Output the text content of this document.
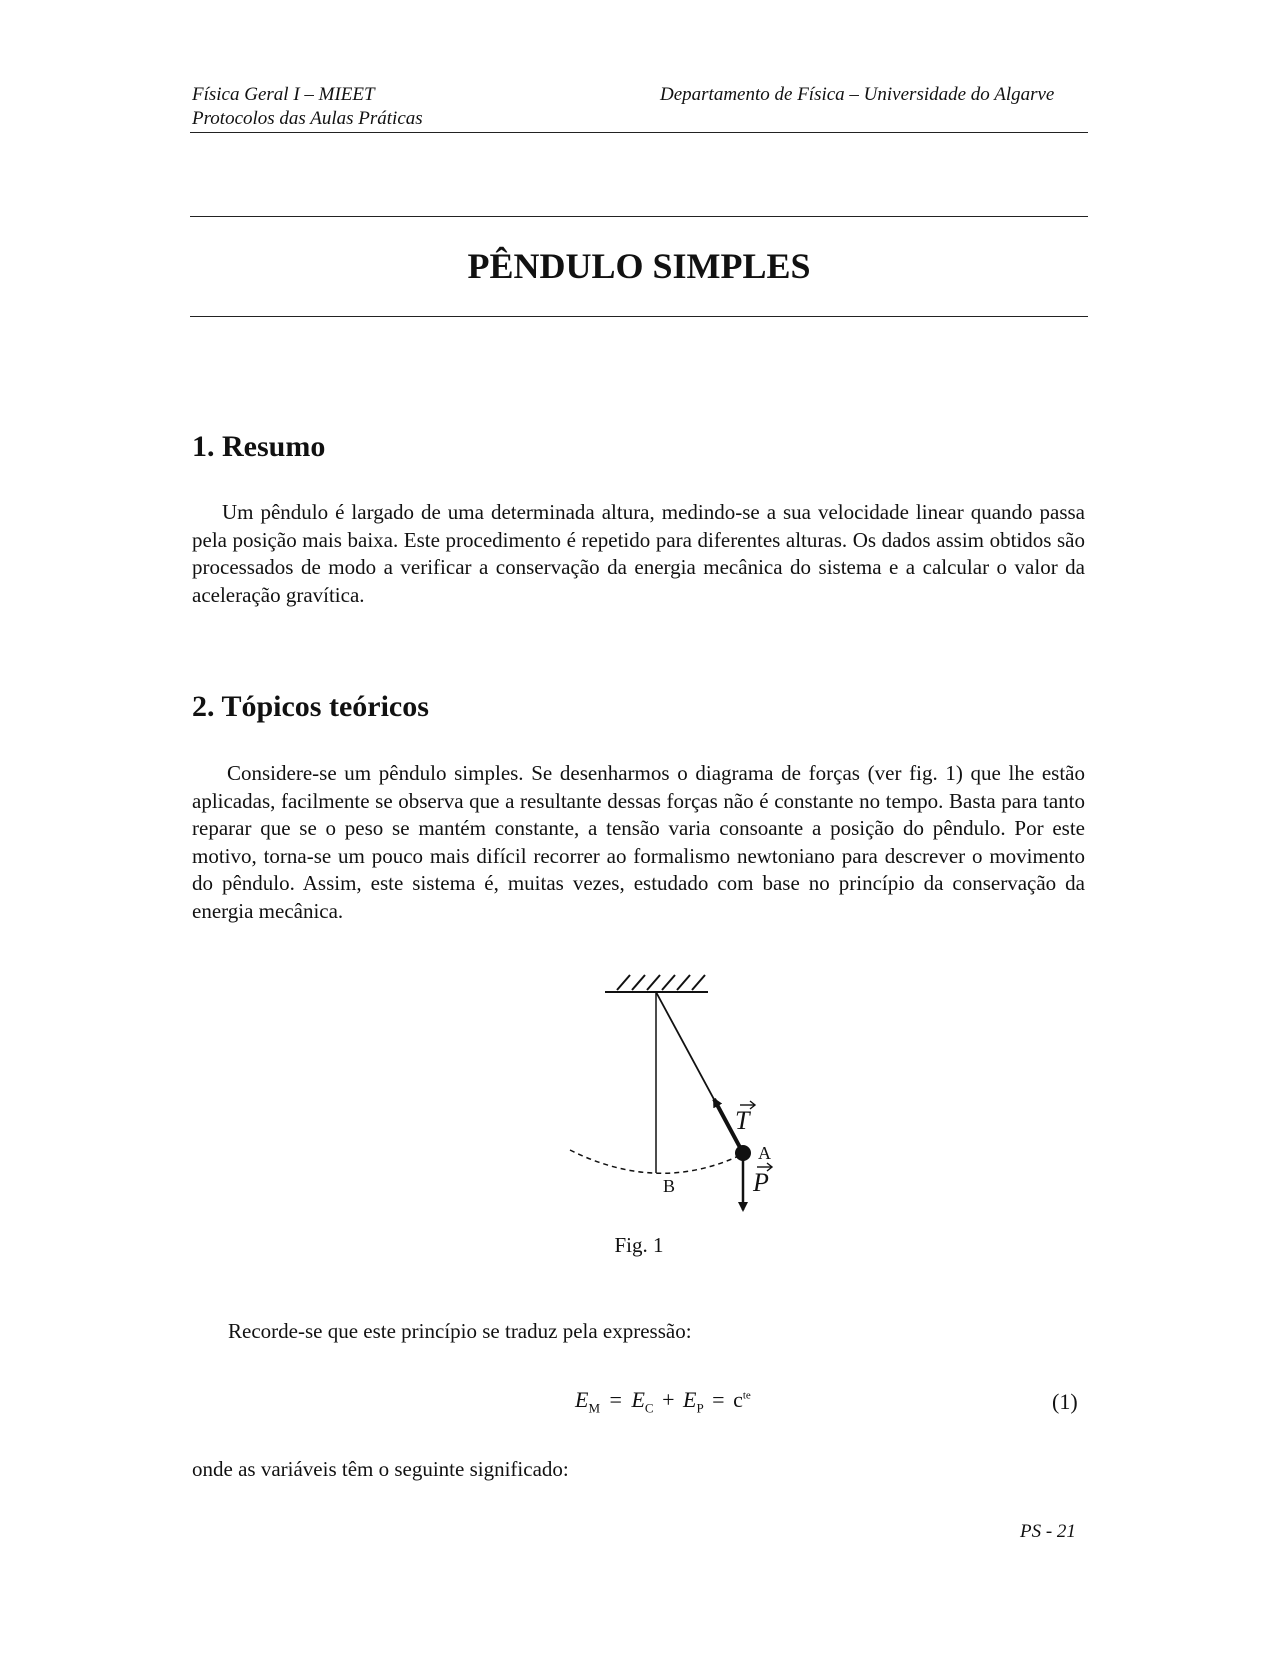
Física Geral I – MIEET
Protocolos das Aulas Práticas
Departamento de Física – Universidade do Algarve
PÊNDULO SIMPLES
1. Resumo

Um pêndulo é largado de uma determinada altura, medindo-se a sua velocidade linear quando passa pela posição mais baixa. Este procedimento é repetido para diferentes alturas. Os dados assim obtidos são processados de modo a verificar a conservação da energia mecânica do sistema e a calcular o valor da aceleração gravítica.

2. Tópicos teóricos

Considere-se um pêndulo simples. Se desenharmos o diagrama de forças (ver fig. 1) que lhe estão aplicadas, facilmente se observa que a resultante dessas forças não é constante no tempo. Basta para tanto reparar que se o peso se mantém constante, a tensão varia consoante a posição do pêndulo. Por este motivo, torna-se um pouco mais difícil recorrer ao formalismo newtoniano para descrever o movimento do pêndulo. Assim, este sistema é, muitas vezes, estudado com base no princípio da conservação da energia mecânica.

A
B
T
P
Fig. 1
Recorde-se que este princípio se traduz pela expressão:
$E_M = E_C + E_P = c^{te}$	(1)
onde as variáveis têm o seguinte significado:
PS - 21
